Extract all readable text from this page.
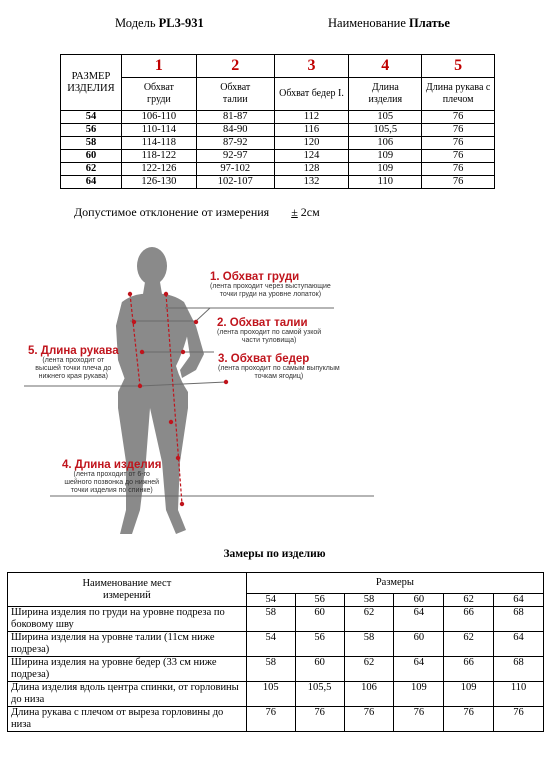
Модель PL3-931	Наименование Платье
РАЗМЕР ИЗДЕЛИЯ	1	2	3	4	5
	Обхват груди	Обхват талии	Обхват бедер I.	Длина изделия	Длина рукава с плечом
54	106-110	81-87	112	105	76
56	110-114	84-90	116	105,5	76
58	114-118	87-92	120	106	76
60	118-122	92-97	124	109	76
62	122-126	97-102	128	109	76
64	126-130	102-107	132	110	76
Допустимое отклонение от измерения ± 2см
1. Обхват груди
(лента проходит через выступающие
точки груди на уровне лопаток)
2. Обхват талии
(лента проходит по самой узкой
части туловища)
3. Обхват бедер
(лента проходит по самым выпуклым
точкам ягодиц)
5. Длина рукава
(лента проходит от
высшей точки плеча до
нижнего края рукава)
4. Длина изделия
(лента проходит от 6-го
шейного позвонка до нижней
точки изделия по спинке)
Замеры по изделию
Наименование мест измерений	Размеры					
	54	56	58	60	62	64
Ширина изделия по груди на уровне подреза по боковому шву	58	60	62	64	66	68
Ширина изделия на уровне талии (11см ниже подреза)	54	56	58	60	62	64
Ширина изделия на уровне бедер (33 см ниже подреза)	58	60	62	64	66	68
Длина изделия вдоль центра спинки, от горловины до низа	105	105,5	106	109	109	110
Длина рукава с плечом от выреза горловины до низа	76	76	76	76	76	76
